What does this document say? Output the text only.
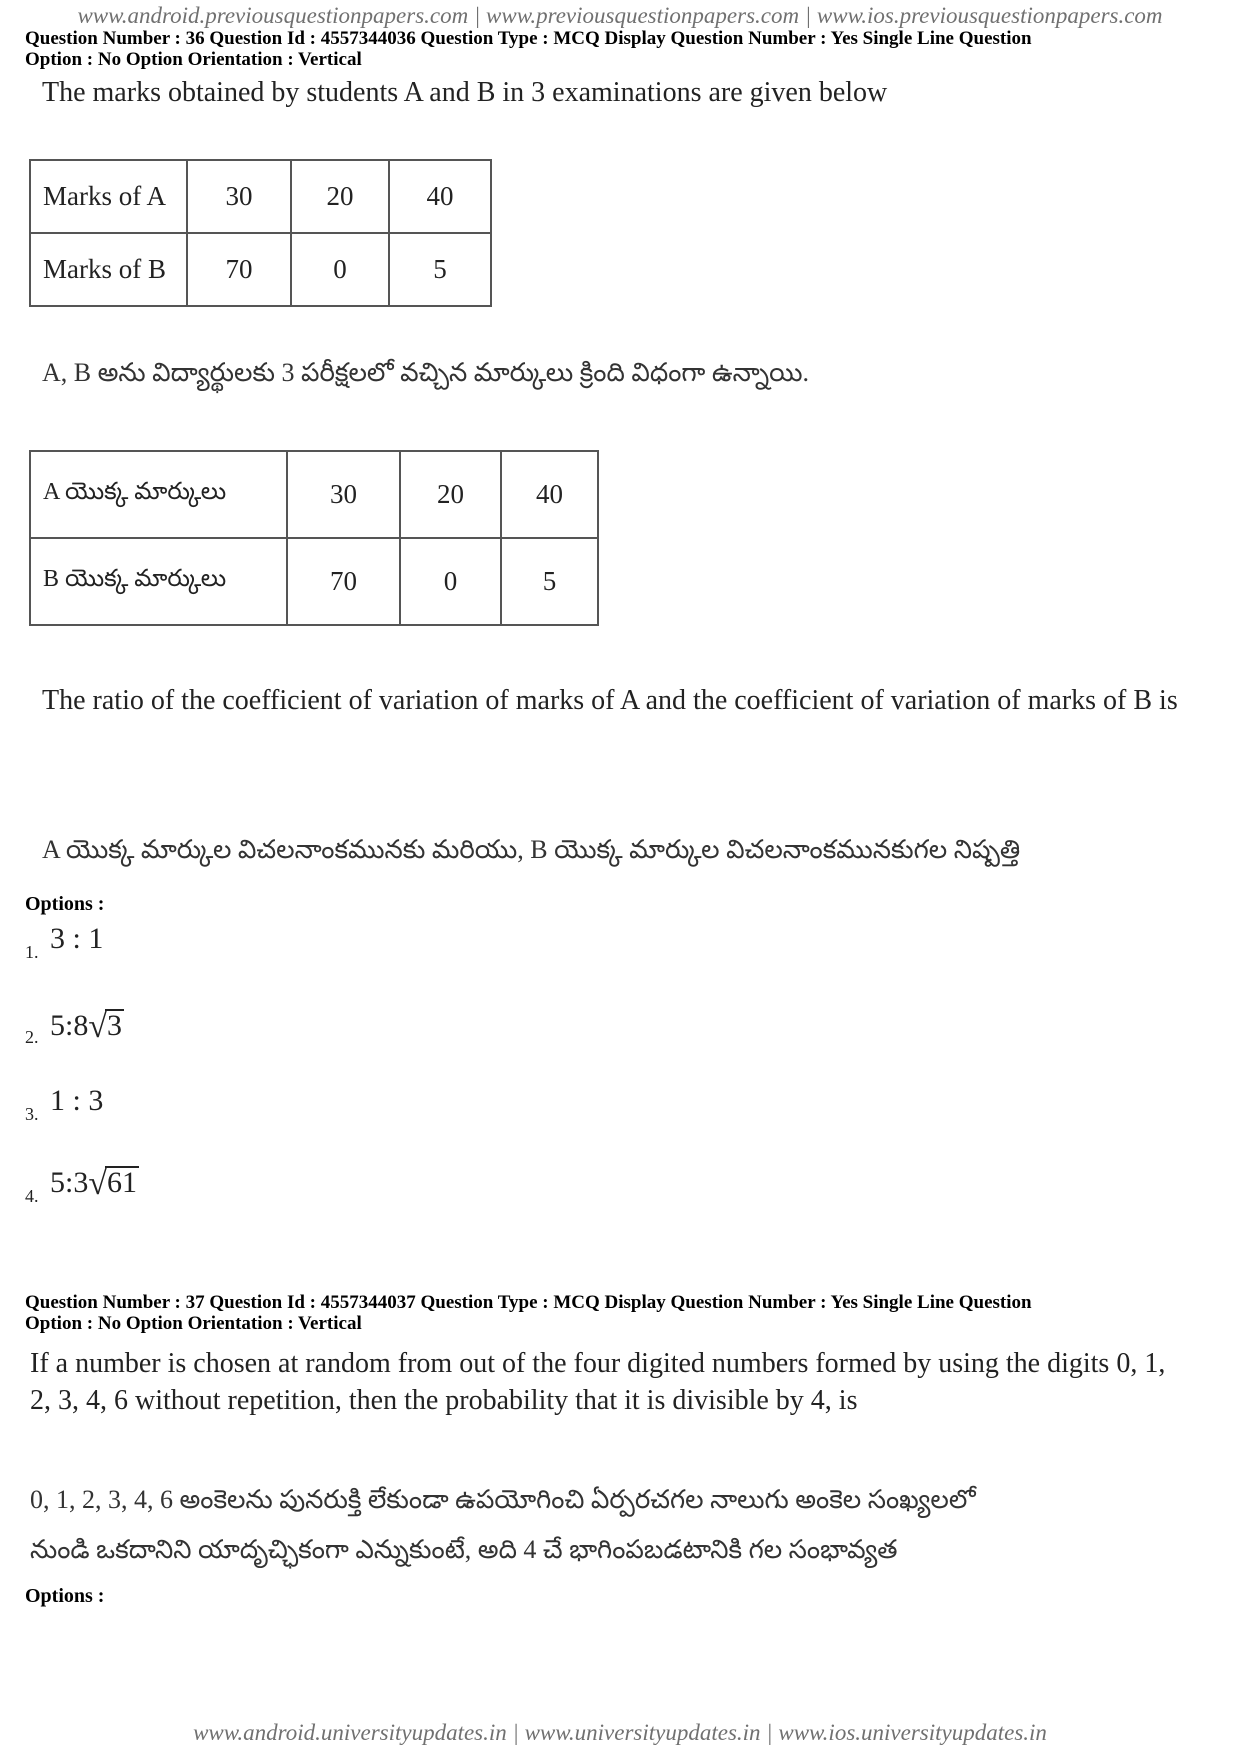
www.android.previousquestionpapers.com | www.previousquestionpapers.com | www.ios.previousquestionpapers.com
Question Number : 36 Question Id : 4557344036 Question Type : MCQ Display Question Number : Yes Single Line Question
Option : No Option Orientation : Vertical
The marks obtained by students A and B in 3 examinations are given below
Marks of A	30	20	40
Marks of B	70	0	5
A, B అను విద్యార్థులకు 3 పరీక్షలలో వచ్చిన మార్కులు క్రింది విధంగా ఉన్నాయి.
A యొక్క మార్కులు	30	20	40
B యొక్క మార్కులు	70	0	5
The ratio of the coefficient of variation of marks of A and the coefficient of variation of marks of B is
A యొక్క మార్కుల విచలనాంకమునకు మరియు, B యొక్క మార్కుల విచలనాంకమునకుగల నిష్పత్తి
Options :
1. 3 : 1
2. 5:8√3
3. 1 : 3
4. 5:3√61
Question Number : 37 Question Id : 4557344037 Question Type : MCQ Display Question Number : Yes Single Line Question
Option : No Option Orientation : Vertical
If a number is chosen at random from out of the four digited numbers formed by using the digits 0, 1, 2, 3, 4, 6 without repetition, then the probability that it is divisible by 4, is
0, 1, 2, 3, 4, 6 అంకెలను పునరుక్తి లేకుండా ఉపయోగించి ఏర్పరచగల నాలుగు అంకెల సంఖ్యలలో
నుండి ఒకదానిని యాదృచ్ఛికంగా ఎన్నుకుంటే, అది 4 చే భాగింపబడటానికి గల సంభావ్యత
Options :
www.android.universityupdates.in | www.universityupdates.in | www.ios.universityupdates.in
